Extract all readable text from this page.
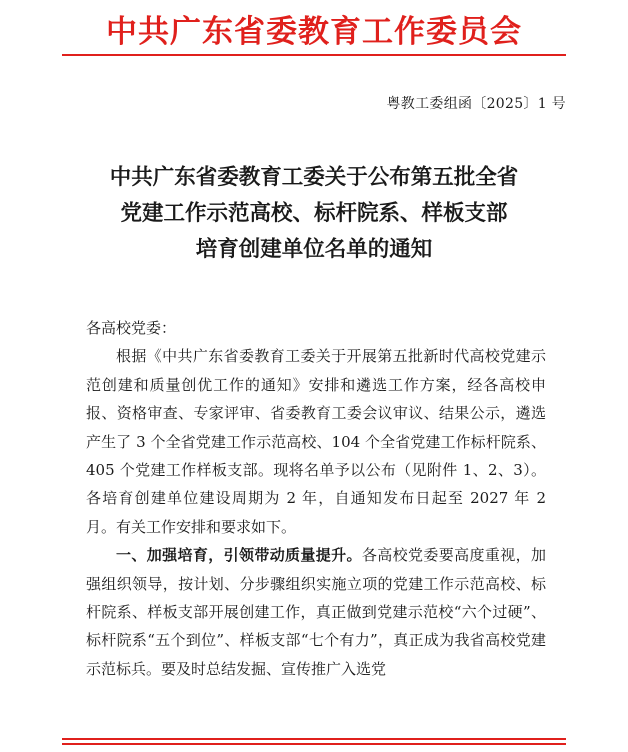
中共广东省委教育工作委员会
粤教工委组函〔2025〕1 号
中共广东省委教育工委关于公布第五批全省
党建工作示范高校、标杆院系、样板支部
培育创建单位名单的通知

各高校党委：

根据《中共广东省委教育工委关于开展第五批新时代高校党建示范创建和质量创优工作的通知》安排和遴选工作方案，经各高校申报、资格审查、专家评审、省委教育工委会议审议、结果公示，遴选产生了 3 个全省党建工作示范高校、104 个全省党建工作标杆院系、405 个党建工作样板支部。现将名单予以公布（见附件 1、2、3）。各培育创建单位建设周期为 2 年，自通知发布日起至 2027 年 2 月。有关工作安排和要求如下。

一、加强培育，引领带动质量提升。各高校党委要高度重视，加强组织领导，按计划、分步骤组织实施立项的党建工作示范高校、标杆院系、样板支部开展创建工作，真正做到党建示范校“六个过硬”、标杆院系“五个到位”、样板支部“七个有力”，真正成为我省高校党建示范标兵。要及时总结发掘、宣传推广入选党
